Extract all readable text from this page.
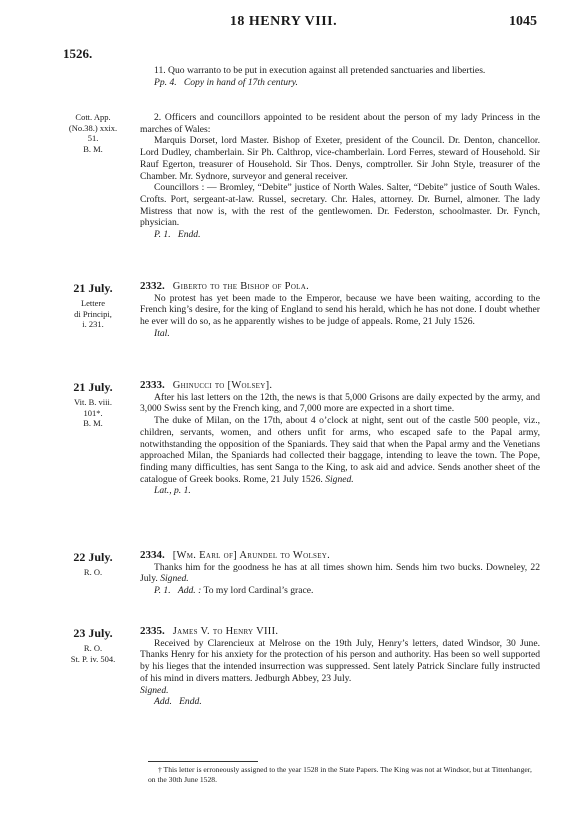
18 HENRY VIII.	1045
1526.

11. Quo warranto to be put in execution against all pretended sanctuaries and liberties.

Pp. 4. Copy in hand of 17th century.

Cott. App.
(No.38.) xxix.
51.
B. M.

2. Officers and councillors appointed to be resident about the person of my lady Princess in the marches of Wales:

Marquis Dorset, lord Master. Bishop of Exeter, president of the Council. Dr. Denton, chancellor. Lord Dudley, chamberlain. Sir Ph. Calthrop, vice-chamberlain. Lord Ferres, steward of Household. Sir Rauf Egerton, treasurer of Household. Sir Thos. Denys, comptroller. Sir John Style, treasurer of the Chamber. Mr. Sydnore, surveyor and general receiver.

Councillors : — Bromley, “Debite” justice of North Wales. Salter, “Debite” justice of South Wales. Crofts. Port, sergeant-at-law. Russel, secretary. Chr. Hales, attorney. Dr. Burnel, almoner. The lady Mistress that now is, with the rest of the gentlewomen. Dr. Federston, schoolmaster. Dr. Fynch, physician.

P. 1. Endd.

21 July.
Lettere
di Principi,
i. 231.

2332. Giberto to the Bishop of Pola.

No protest has yet been made to the Emperor, because we have been waiting, according to the French king’s desire, for the king of England to send his herald, which he has not done. I doubt whether he ever will do so, as he apparently wishes to be judge of appeals. Rome, 21 July 1526.

Ital.

21 July.
Vit. B. viii.
101*.
B. M.

2333. Ghinucci to [Wolsey].

After his last letters on the 12th, the news is that 5,000 Grisons are daily expected by the army, and 3,000 Swiss sent by the French king, and 7,000 more are expected in a short time.

The duke of Milan, on the 17th, about 4 o’clock at night, sent out of the castle 500 people, viz., children, servants, women, and others unfit for arms, who escaped safe to the Papal army, notwithstanding the opposition of the Spaniards. They said that when the Papal army and the Venetians approached Milan, the Spaniards had collected their baggage, intending to leave the town. The Pope, finding many difficulties, has sent Sanga to the King, to ask aid and advice. Sends another sheet of the catalogue of Greek books. Rome, 21 July 1526. Signed.

Lat., p. 1.

22 July.
R. O.

2334. [Wm. Earl of] Arundel to Wolsey.

Thanks him for the goodness he has at all times shown him. Sends him two bucks. Downeley, 22 July. Signed.

P. 1. Add. : To my lord Cardinal’s grace.

23 July.
R. O.
St. P. iv. 504.

2335. James V. to Henry VIII.

Received by Clarencieux at Melrose on the 19th July, Henry’s letters, dated Windsor, 30 June. Thanks Henry for his anxiety for the protection of his person and authority. Has been so well supported by his lieges that the intended insurrection was suppressed. Sent lately Patrick Sinclare fully instructed of his mind in divers matters. Jedburgh Abbey, 23 July.

Signed.

Add. Endd.

† This letter is erroneously assigned to the year 1528 in the State Papers. The King was not at Windsor, but at Tittenhanger, on the 30th June 1528.
